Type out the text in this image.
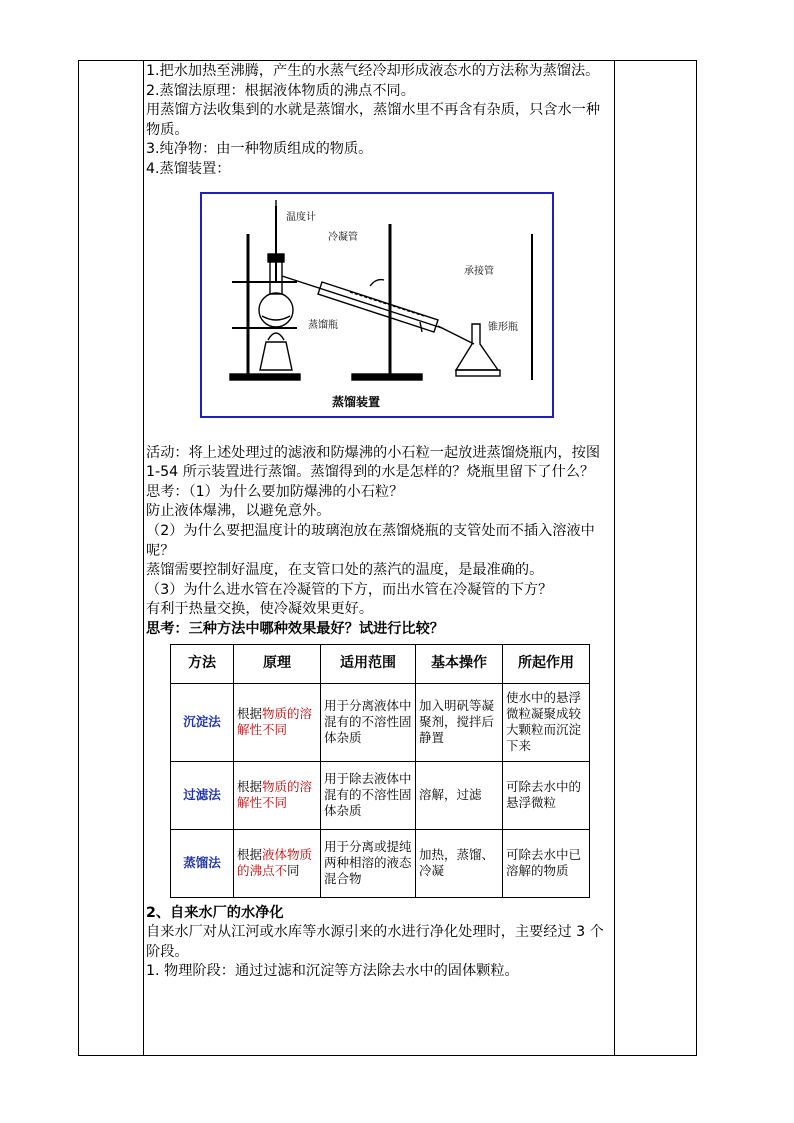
1.把水加热至沸腾，产生的水蒸气经冷却形成液态水的方法称为蒸馏法。

2.蒸馏法原理：根据液体物质的沸点不同。

用蒸馏方法收集到的水就是蒸馏水，蒸馏水里不再含有杂质，只含水一种物质。

3.纯净物：由一种物质组成的物质。

4.蒸馏装置：

温度计
冷凝管
承接管
蒸馏瓶	锥形瓶
蒸馏装置

活动：将上述处理过的滤液和防爆沸的小石粒一起放进蒸馏烧瓶内，按图 1-54 所示装置进行蒸馏。蒸馏得到的水是怎样的？烧瓶里留下了什么？

思考：（1）为什么要加防爆沸的小石粒？

防止液体爆沸，以避免意外。

（2）为什么要把温度计的玻璃泡放在蒸馏烧瓶的支管处而不插入溶液中呢？

蒸馏需要控制好温度，在支管口处的蒸汽的温度，是最准确的。

（3）为什么进水管在冷凝管的下方，而出水管在冷凝管的下方？

有利于热量交换，使冷凝效果更好。

思考：三种方法中哪种效果最好？试进行比较？

方法	原理	适用范围	基本操作	所起作用
沉淀法	根据物质的溶解性不同	用于分离液体中混有的不溶性固体杂质	加入明矾等凝聚剂，搅拌后静置	使水中的悬浮微粒凝聚成较大颗粒而沉淀下来
过滤法	根据物质的溶解性不同	用于除去液体中混有的不溶性固体杂质	溶解，过滤	可除去水中的悬浮微粒
蒸馏法	根据液体物质的沸点不同	用于分离或提纯两种相溶的液态混合物	加热，蒸馏、冷凝	可除去水中已溶解的物质

2、自来水厂的水净化

自来水厂对从江河或水库等水源引来的水进行净化处理时，主要经过 3 个阶段。

1. 物理阶段：通过过滤和沉淀等方法除去水中的固体颗粒。
